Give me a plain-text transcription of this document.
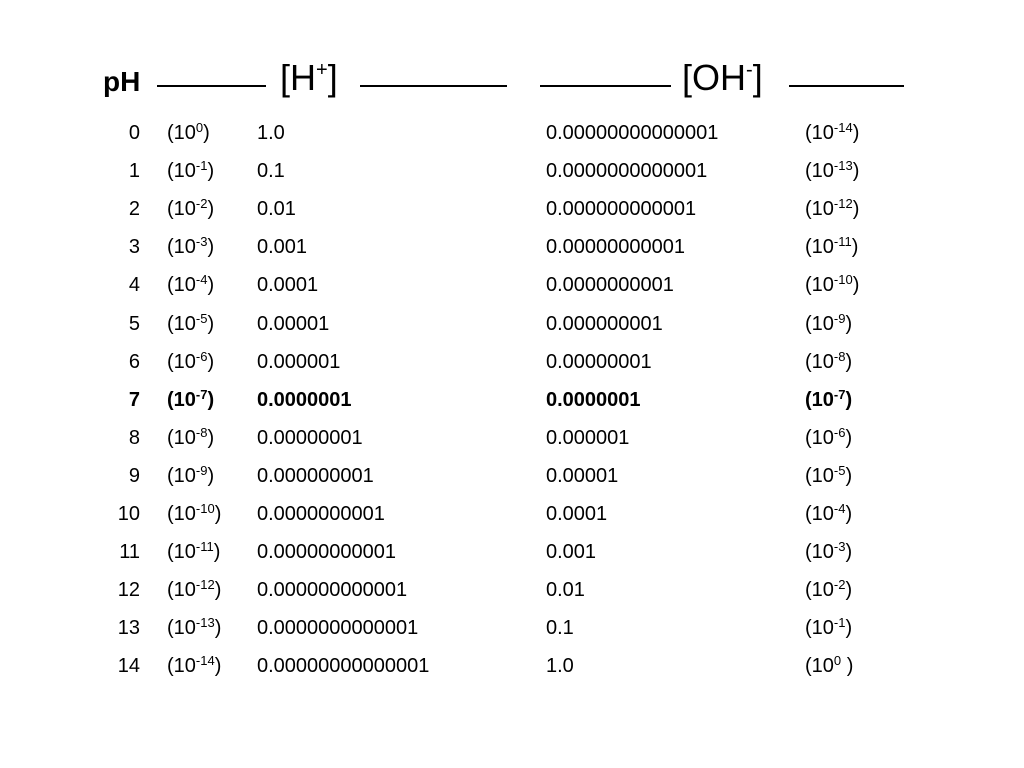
pH	[H+]	[OH-]
0 $(10^0)$ 1.0	0.00000000000001	$(10^{-14})$
1 $(10^{-1})$ 0.1	0.0000000000001	$(10^{-13})$
2 $(10^{-2})$ 0.01	0.000000000001	$(10^{-12})$
3 $(10^{-3})$ 0.001	0.00000000001	$(10^{-11})$
4 $(10^{-4})$ 0.0001	0.0000000001	$(10^{-10})$
5 $(10^{-5})$ 0.00001	0.000000001	$(10^{-9})$
6 $(10^{-6})$ 0.000001	0.00000001	$(10^{-8})$
7 $(10^{-7})$ 0.0000001	0.0000001	$(10^{-7})$
8 $(10^{-8})$ 0.00000001	0.000001	$(10^{-6})$
9 $(10^{-9})$ 0.000000001	0.00001	$(10^{-5})$
10 $(10^{-10})$ 0.0000000001	0.0001	$(10^{-4})$
11 $(10^{-11})$ 0.00000000001	0.001	$(10^{-3})$
12 $(10^{-12})$ 0.000000000001	0.01	$(10^{-2})$
13 $(10^{-13})$ 0.0000000000001	0.1	$(10^{-1})$
14 $(10^{-14})$ 0.00000000000001	1.0	($10^0$ )
